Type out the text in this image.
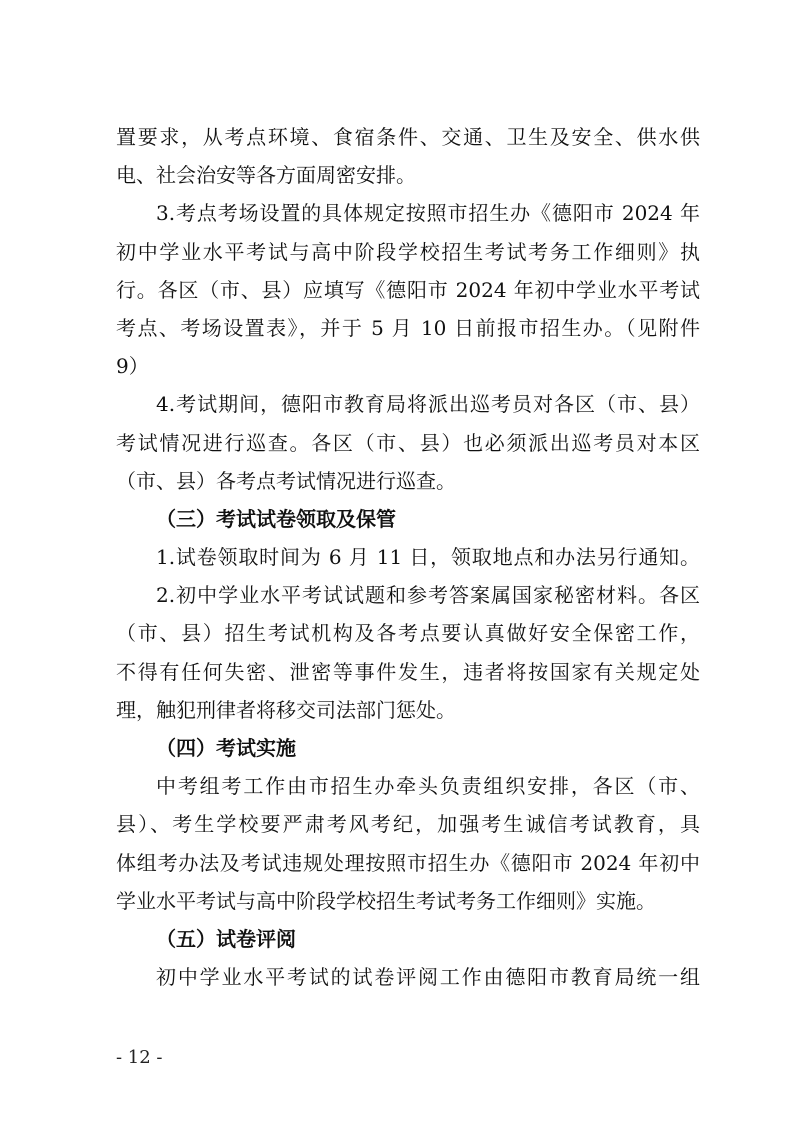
置要求，从考点环境、食宿条件、交通、卫生及安全、供水供
电、社会治安等各方面周密安排。
3.考点考场设置的具体规定按照市招生办《德阳市 2024 年
初中学业水平考试与高中阶段学校招生考试考务工作细则》执
行。各区（市、县）应填写《德阳市 2024 年初中学业水平考试
考点、考场设置表》，并于 5 月 10 日前报市招生办。（见附件
9）
4.考试期间，德阳市教育局将派出巡考员对各区（市、县）
考试情况进行巡查。各区（市、县）也必须派出巡考员对本区
（市、县）各考点考试情况进行巡查。
（三）考试试卷领取及保管
1.试卷领取时间为 6 月 11 日，领取地点和办法另行通知。
2.初中学业水平考试试题和参考答案属国家秘密材料。各区
（市、县）招生考试机构及各考点要认真做好安全保密工作，
不得有任何失密、泄密等事件发生，违者将按国家有关规定处
理，触犯刑律者将移交司法部门惩处。
（四）考试实施
中考组考工作由市招生办牵头负责组织安排，各区（市、
县）、考生学校要严肃考风考纪，加强考生诚信考试教育，具
体组考办法及考试违规处理按照市招生办《德阳市 2024 年初中
学业水平考试与高中阶段学校招生考试考务工作细则》实施。
（五）试卷评阅
初中学业水平考试的试卷评阅工作由德阳市教育局统一组
- 12 -
